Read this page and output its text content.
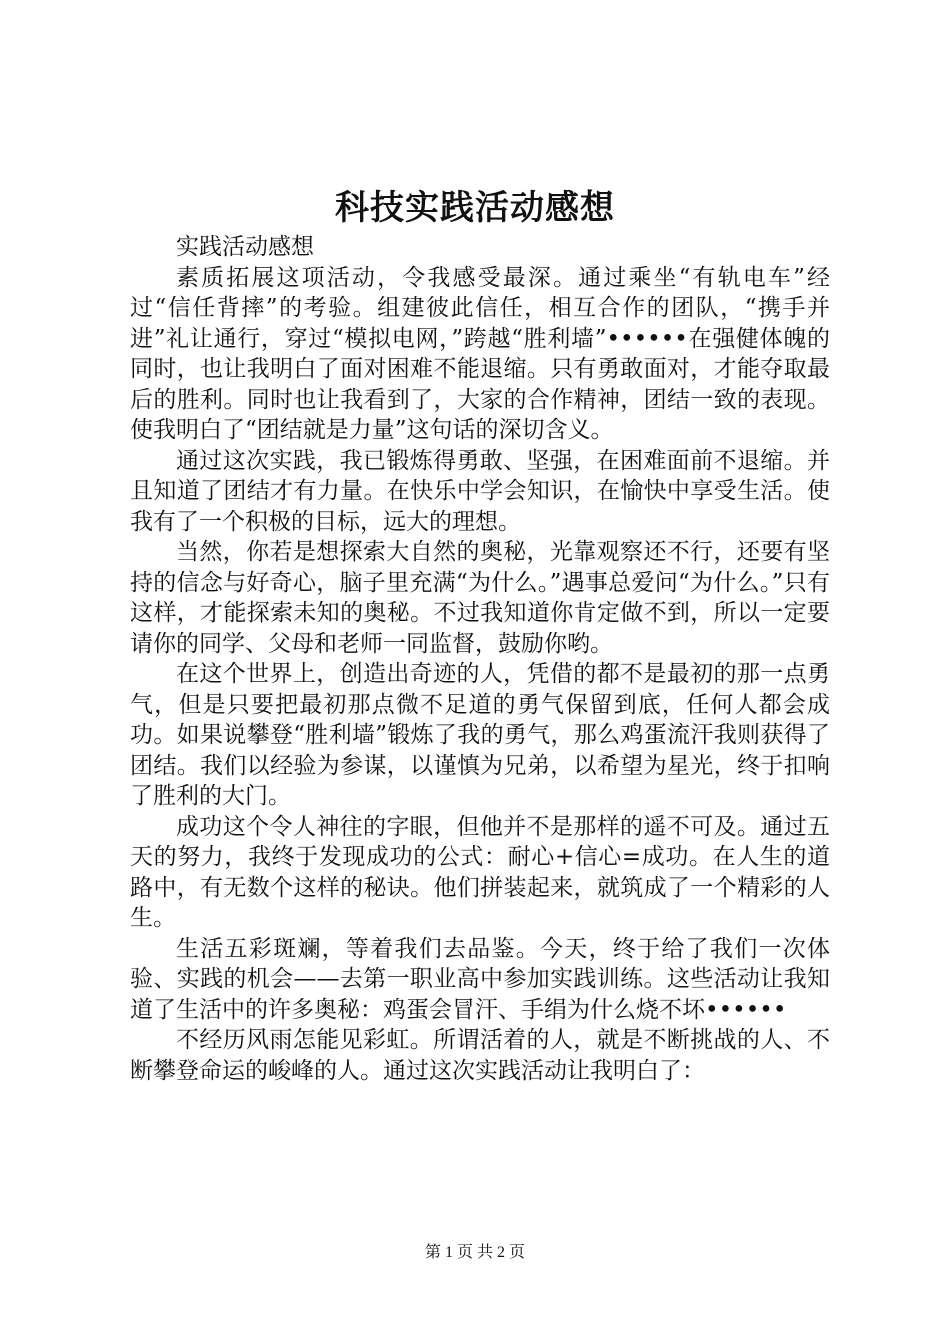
科技实践活动感想

实践活动感想

素质拓展这项活动，令我感受最深。通过乘坐“有轨电车”经过“信任背摔”的考验。组建彼此信任，相互合作的团队，“携手并进”礼让通行，穿过“模拟电网，”跨越“胜利墙”••••••在强健体魄的同时，也让我明白了面对困难不能退缩。只有勇敢面对，才能夺取最后的胜利。同时也让我看到了，大家的合作精神，团结一致的表现。使我明白了“团结就是力量”这句话的深切含义。

通过这次实践，我已锻炼得勇敢、坚强，在困难面前不退缩。并且知道了团结才有力量。在快乐中学会知识，在愉快中享受生活。使我有了一个积极的目标，远大的理想。

当然，你若是想探索大自然的奥秘，光靠观察还不行，还要有坚持的信念与好奇心，脑子里充满“为什么。”遇事总爱问“为什么。”只有这样，才能探索未知的奥秘。不过我知道你肯定做不到，所以一定要请你的同学、父母和老师一同监督，鼓励你哟。

在这个世界上，创造出奇迹的人，凭借的都不是最初的那一点勇气，但是只要把最初那点微不足道的勇气保留到底，任何人都会成功。如果说攀登“胜利墙”锻炼了我的勇气，那么鸡蛋流汗我则获得了团结。我们以经验为参谋，以谨慎为兄弟，以希望为星光，终于扣响了胜利的大门。

成功这个令人神往的字眼，但他并不是那样的遥不可及。通过五天的努力，我终于发现成功的公式：耐心+信心=成功。在人生的道路中，有无数个这样的秘诀。他们拼装起来，就筑成了一个精彩的人生。

生活五彩斑斓，等着我们去品鉴。今天，终于给了我们一次体验、实践的机会——去第一职业高中参加实践训练。这些活动让我知道了生活中的许多奥秘：鸡蛋会冒汗、手绢为什么烧不坏••••••

不经历风雨怎能见彩虹。所谓活着的人，就是不断挑战的人、不断攀登命运的峻峰的人。通过这次实践活动让我明白了：

第 1 页 共 2 页
